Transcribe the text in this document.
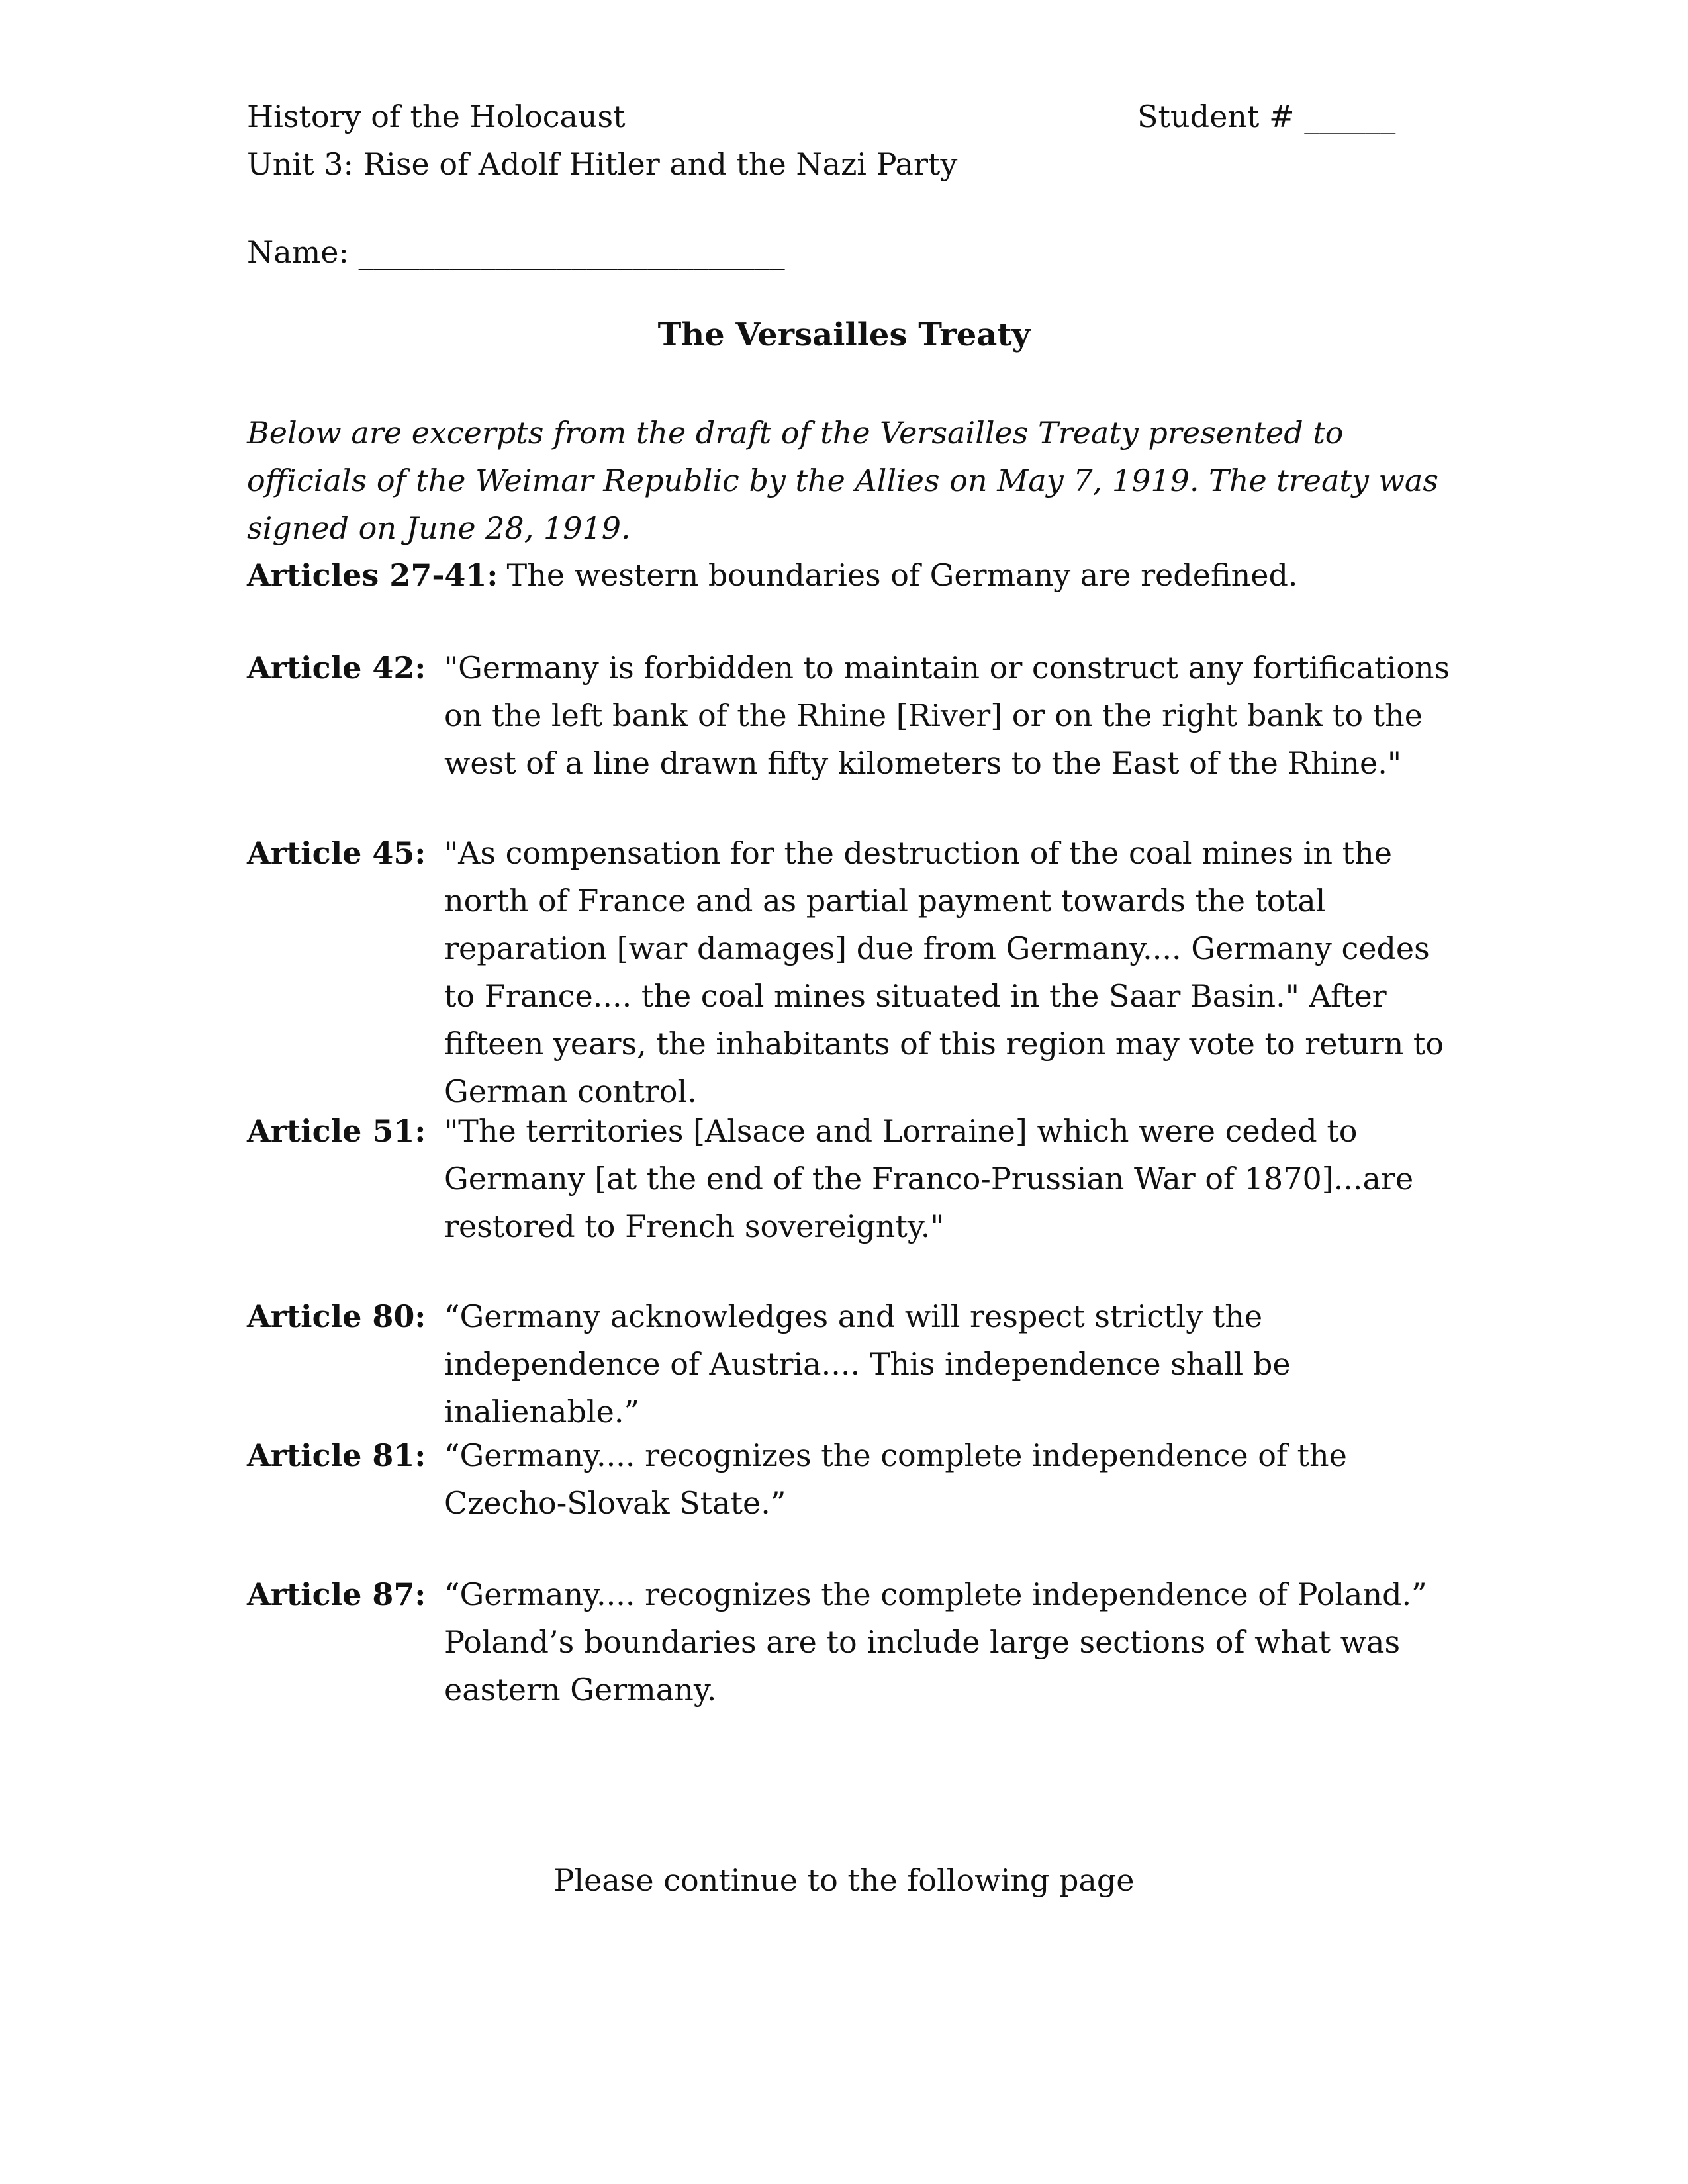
History of the Holocaust	Student # ______
Unit 3: Rise of Adolf Hitler and the Nazi Party
Name: ____________________________
The Versailles Treaty
Below are excerpts from the draft of the Versailles Treaty presented to officials of the Weimar Republic by the Allies on May 7, 1919. The treaty was signed on June 28, 1919.
Articles 27-41: The western boundaries of Germany are redefined.
Article 42: "Germany is forbidden to maintain or construct any fortifications on the left bank of the Rhine [River] or on the right bank to the west of a line drawn fifty kilometers to the East of the Rhine."
Article 45: "As compensation for the destruction of the coal mines in the north of France and as partial payment towards the total reparation [war damages] due from Germany.... Germany cedes to France.... the coal mines situated in the Saar Basin." After fifteen years, the inhabitants of this region may vote to return to German control.
Article 51: "The territories [Alsace and Lorraine] which were ceded to Germany [at the end of the Franco-Prussian War of 1870]...are restored to French sovereignty."
Article 80: “Germany acknowledges and will respect strictly the independence of Austria.... This independence shall be inalienable.”
Article 81: “Germany.... recognizes the complete independence of the Czecho-Slovak State.”
Article 87: “Germany.... recognizes the complete independence of Poland.” Poland’s boundaries are to include large sections of what was eastern Germany.
Please continue to the following page
